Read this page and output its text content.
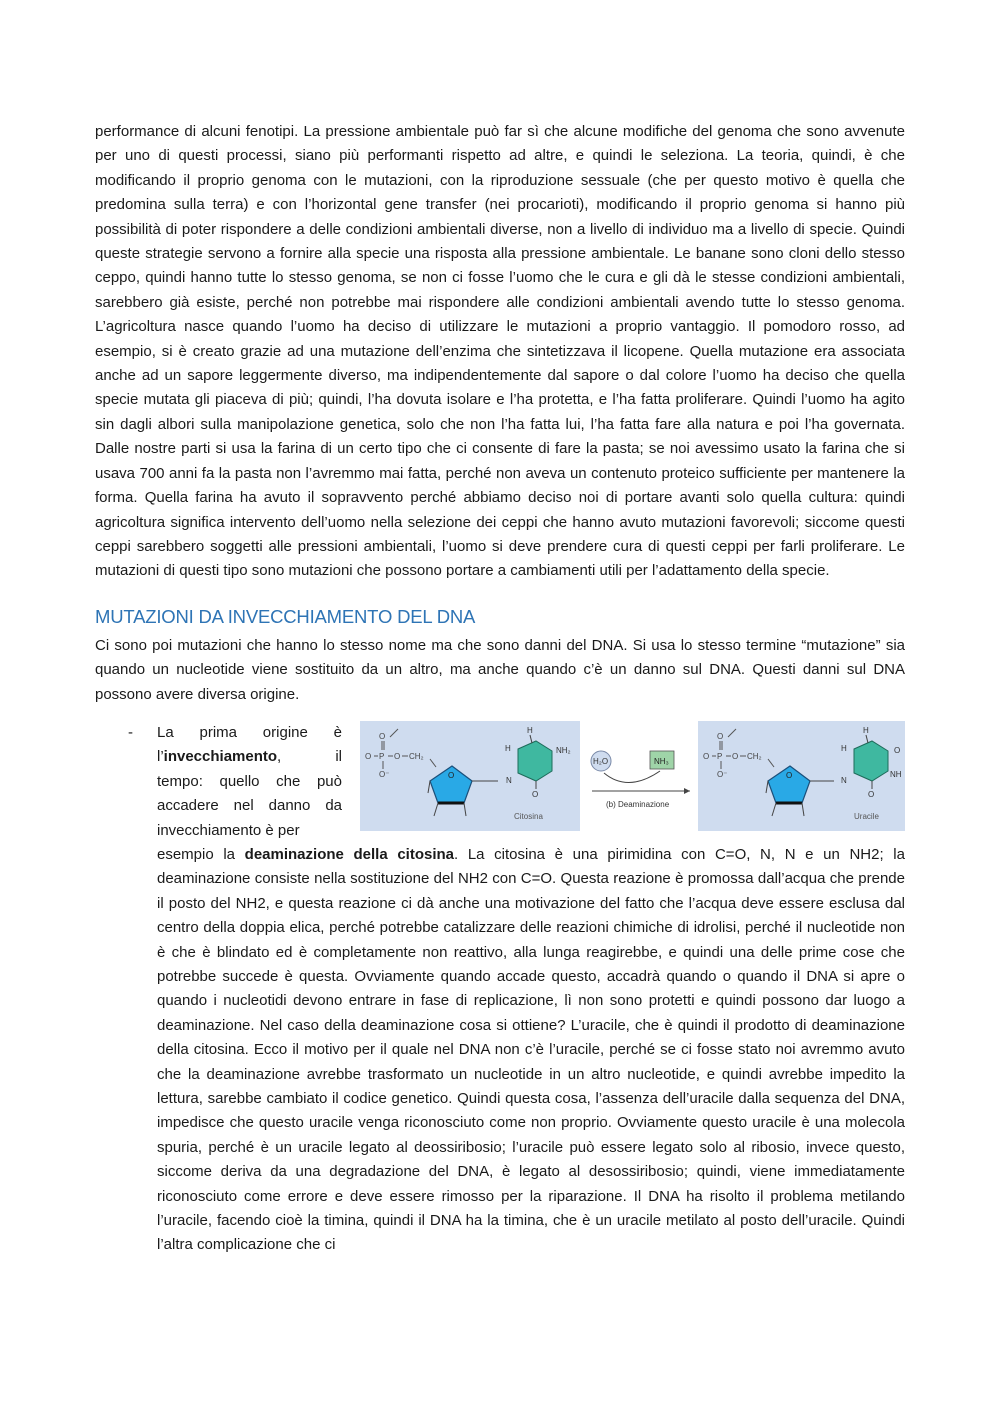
performance di alcuni fenotipi. La pressione ambientale può far sì che alcune modifiche del genoma che sono avvenute per uno di questi processi, siano più performanti rispetto ad altre, e quindi le seleziona. La teoria, quindi, è che modificando il proprio genoma con le mutazioni, con la riproduzione sessuale (che per questo motivo è quella che predomina sulla terra) e con l’horizontal gene transfer (nei procarioti), modificando il proprio genoma si hanno più possibilità di poter rispondere a delle condizioni ambientali diverse, non a livello di individuo ma a livello di specie. Quindi queste strategie servono a fornire alla specie una risposta alla pressione ambientale. Le banane sono cloni dello stesso ceppo, quindi hanno tutte lo stesso genoma, se non ci fosse l’uomo che le cura e gli dà le stesse condizioni ambientali, sarebbero già esiste, perché non potrebbe mai rispondere alle condizioni ambientali avendo tutte lo stesso genoma. L’agricoltura nasce quando l’uomo ha deciso di utilizzare le mutazioni a proprio vantaggio. Il pomodoro rosso, ad esempio, si è creato grazie ad una mutazione dell’enzima che sintetizzava il licopene. Quella mutazione era associata anche ad un sapore leggermente diverso, ma indipendentemente dal sapore o dal colore l’uomo ha deciso che quella specie mutata gli piaceva di più; quindi, l’ha dovuta isolare e l’ha protetta, e l’ha fatta proliferare. Quindi l’uomo ha agito sin dagli albori sulla manipolazione genetica, solo che non l’ha fatta lui, l’ha fatta fare alla natura e poi l’ha governata. Dalle nostre parti si usa la farina di un certo tipo che ci consente di fare la pasta; se noi avessimo usato la farina che si usava 700 anni fa la pasta non l’avremmo mai fatta, perché non aveva un contenuto proteico sufficiente per mantenere la forma. Quella farina ha avuto il sopravvento perché abbiamo deciso noi di portare avanti solo quella cultura: quindi agricoltura significa intervento dell’uomo nella selezione dei ceppi che hanno avuto mutazioni favorevoli; siccome questi ceppi sarebbero soggetti alle pressioni ambientali, l’uomo si deve prendere cura di questi ceppi per farli proliferare. Le mutazioni di questi tipo sono mutazioni che possono portare a cambiamenti utili per l’adattamento della specie.

MUTAZIONI DA INVECCHIAMENTO DEL DNA

Ci sono poi mutazioni che hanno lo stesso nome ma che sono danni del DNA. Si usa lo stesso termine “mutazione” sia quando un nucleotide viene sostituito da un altro, ma anche quando c’è un danno sul DNA. Questi danni sul DNA possono avere diversa origine.

- La prima origine è l’invecchiamento, il tempo: quello che può accadere nel danno da invecchiamento è per
O
O P O CH₂
O⁻	O
N
H
H	NH₂
O
Citosina
H₂O	NH₃
(b) Deaminazione
O
O P O CH₂
O⁻	O
N
H
H	O
NH
O
Uracile

esempio la deaminazione della citosina. La citosina è una pirimidina con C=O, N, N e un NH2; la deaminazione consiste nella sostituzione del NH2 con C=O. Questa reazione è promossa dall’acqua che prende il posto del NH2, e questa reazione ci dà anche una motivazione del fatto che l’acqua deve essere esclusa dal centro della doppia elica, perché potrebbe catalizzare delle reazioni chimiche di idrolisi, perché il nucleotide non è che è blindato ed è completamente non reattivo, alla lunga reagirebbe, e quindi una delle prime cose che potrebbe succede è questa. Ovviamente quando accade questo, accadrà quando o quando il DNA si apre o quando i nucleotidi devono entrare in fase di replicazione, lì non sono protetti e quindi possono dar luogo a deaminazione. Nel caso della deaminazione cosa si ottiene? L’uracile, che è quindi il prodotto di deaminazione della citosina. Ecco il motivo per il quale nel DNA non c’è l’uracile, perché se ci fosse stato noi avremmo avuto che la deaminazione avrebbe trasformato un nucleotide in un altro nucleotide, e quindi avrebbe impedito la lettura, sarebbe cambiato il codice genetico. Quindi questa cosa, l’assenza dell’uracile dalla sequenza del DNA, impedisce che questo uracile venga riconosciuto come non proprio. Ovviamente questo uracile è una molecola spuria, perché è un uracile legato al deossiribosio; l’uracile può essere legato solo al ribosio, invece questo, siccome deriva da una degradazione del DNA, è legato al desossiribosio; quindi, viene immediatamente riconosciuto come errore e deve essere rimosso per la riparazione. Il DNA ha risolto il problema metilando l’uracile, facendo cioè la timina, quindi il DNA ha la timina, che è un uracile metilato al posto dell’uracile. Quindi l’altra complicazione che ci
